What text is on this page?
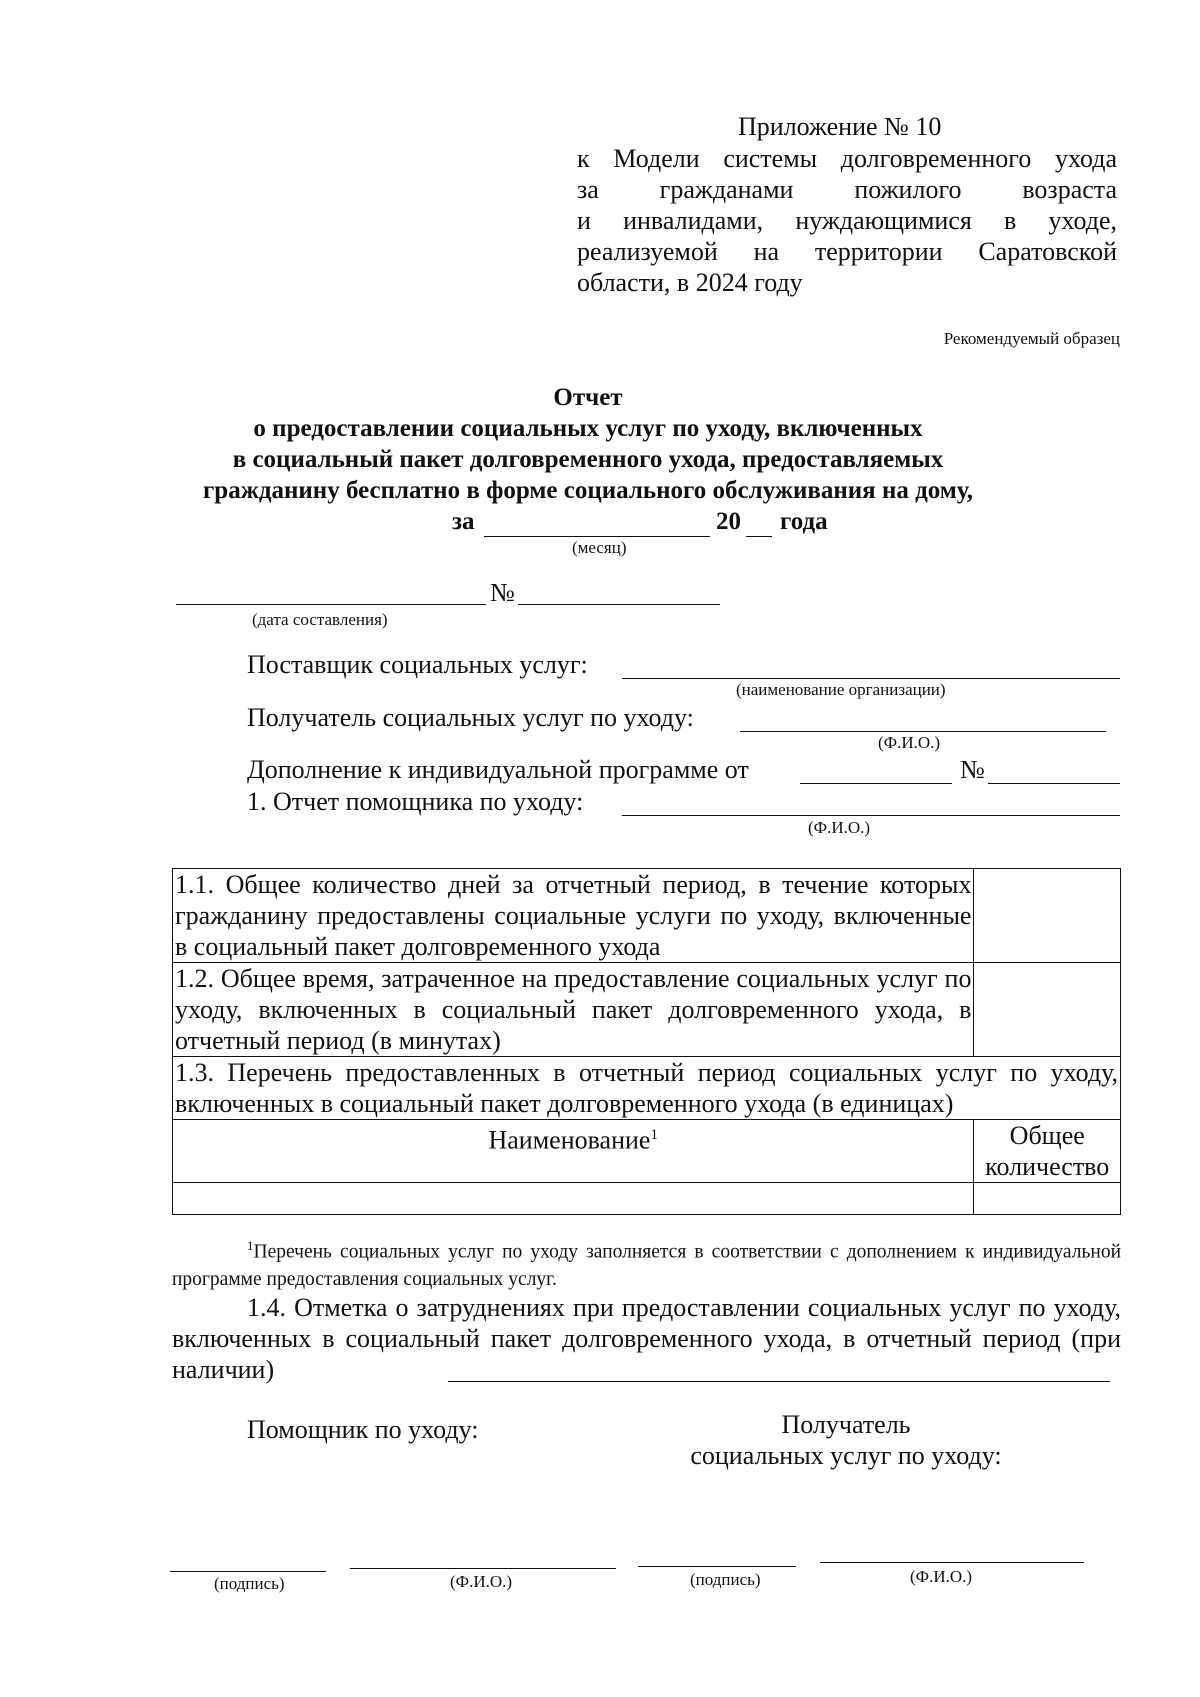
Приложение № 10
к Модели системы долговременного ухода
за гражданами пожилого возраста
и инвалидами, нуждающимися в уходе,
реализуемой на территории Саратовской
области, в 2024 году
Рекомендуемый образец
Отчет
о предоставлении социальных услуг по уходу, включенных
в социальный пакет долговременного ухода, предоставляемых
гражданину бесплатно в форме социального обслуживания на дому,
за	20 года
(месяц)
№
(дата составления)
Поставщик социальных услуг:
(наименование организации)
Получатель социальных услуг по уходу:
(Ф.И.О.)
Дополнение к индивидуальной программе от	№
1. Отчет помощника по уходу:
(Ф.И.О.)
1.1. Общее количество дней за отчетный период, в течение которых гражданину предоставлены социальные услуги по уходу, включенные в социальный пакет долговременного ухода	
1.2. Общее время, затраченное на предоставление социальных услуг по уходу, включенных в социальный пакет долговременного ухода, в отчетный период (в минутах)	
1.3. Перечень предоставленных в отчетный период социальных услуг по уходу, включенных в социальный пакет долговременного ухода (в единицах)	
Наименование$^1$	Общее
количество

$^1$Перечень социальных услуг по уходу заполняется в соответствии с дополнением к индивидуальной программе предоставления социальных услуг.
1.4. Отметка о затруднениях при предоставлении социальных услуг по уходу, включенных в социальный пакет долговременного ухода, в отчетный период (при наличии)
Помощник по уходу:	Получатель
социальных услуг по уходу:
(подпись)	(Ф.И.О.)	(подпись)	(Ф.И.О.)
